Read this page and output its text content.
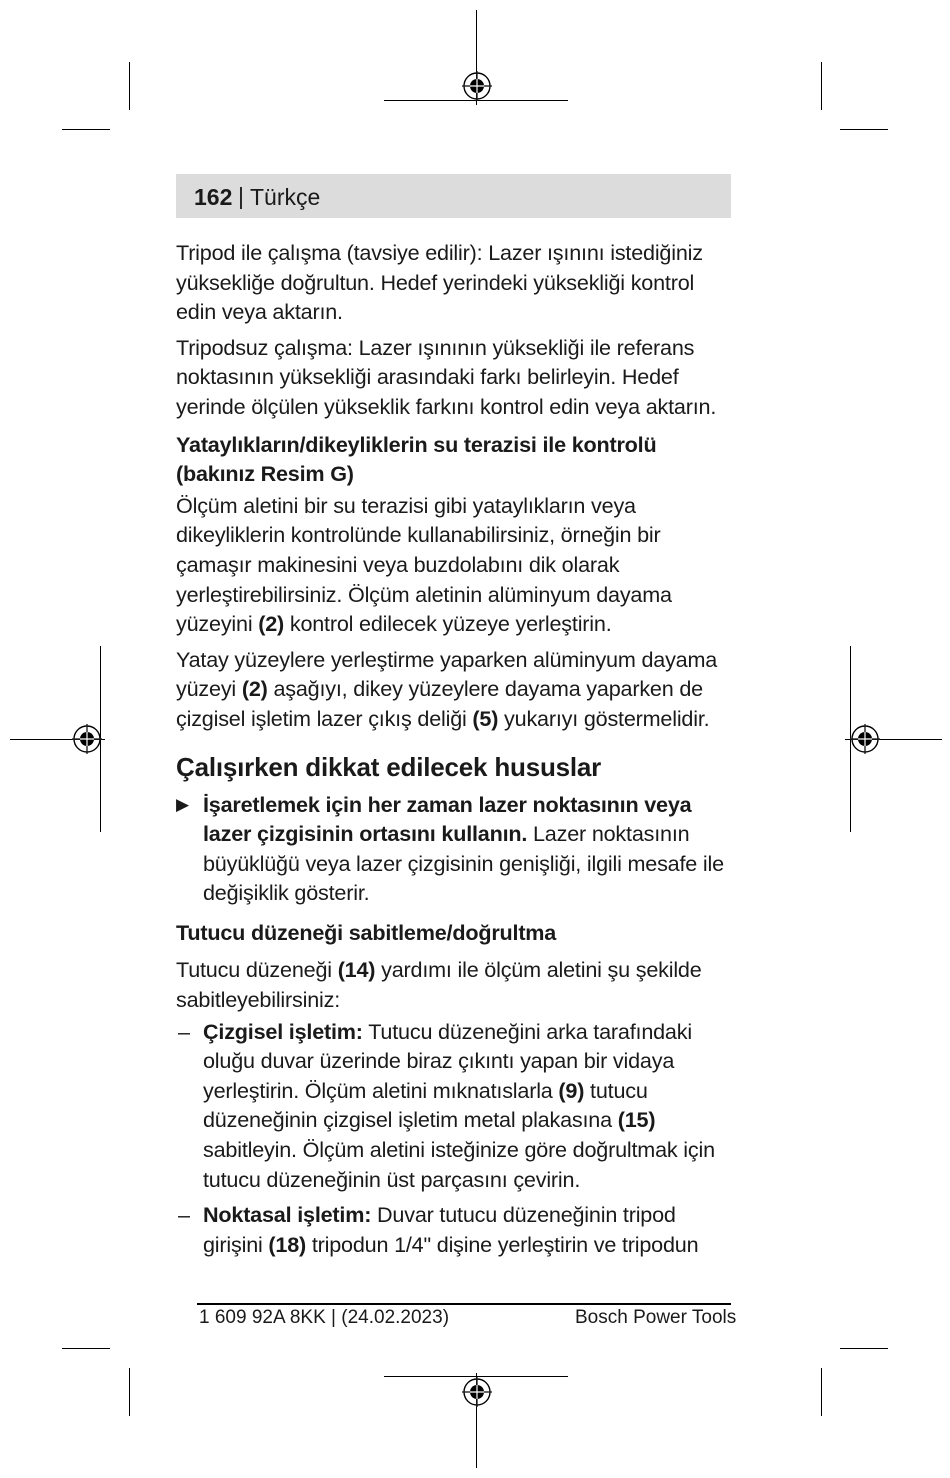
162 | Türkçe

Tripod ile çalışma (tavsiye edilir): Lazer ışınını istediğiniz yüksekliğe doğrultun. Hedef yerindeki yüksekliği kontrol edin veya aktarın.

Tripodsuz çalışma: Lazer ışınının yüksekliği ile referans noktasının yüksekliği arasındaki farkı belirleyin. Hedef yerinde ölçülen yükseklik farkını kontrol edin veya aktarın.

Yataylıkların/dikeyliklerin su terazisi ile kontrolü (bakınız Resim G)

Ölçüm aletini bir su terazisi gibi yataylıkların veya dikeyliklerin kontrolünde kullanabilirsiniz, örneğin bir çamaşır makinesini veya buzdolabını dik olarak yerleştirebilirsiniz. Ölçüm aletinin alüminyum dayama yüzeyini (2) kontrol edilecek yüzeye yerleştirin.

Yatay yüzeylere yerleştirme yaparken alüminyum dayama yüzeyi (2) aşağıyı, dikey yüzeylere dayama yaparken de çizgisel işletim lazer çıkış deliği (5) yukarıyı göstermelidir.

Çalışırken dikkat edilecek hususlar
▶ İşaretlemek için her zaman lazer noktasının veya lazer çizgisinin ortasını kullanın. Lazer noktasının büyüklüğü veya lazer çizgisinin genişliği, ilgili mesafe ile değişiklik gösterir.
Tutucu düzeneği sabitleme/doğrultma

Tutucu düzeneği (14) yardımı ile ölçüm aletini şu şekilde sabitleyebilirsiniz:

– Çizgisel işletim: Tutucu düzeneğini arka tarafındaki oluğu duvar üzerinde biraz çıkıntı yapan bir vidaya yerleştirin. Ölçüm aletini mıknatıslarla (9) tutucu düzeneğinin çizgisel işletim metal plakasına (15) sabitleyin. Ölçüm aletini isteğinize göre doğrultmak için tutucu düzeneğinin üst parçasını çevirin.
– Noktasal işletim: Duvar tutucu düzeneğinin tripod girişini (18) tripodun 1/4" dişine yerleştirin ve tripodun
1 609 92A 8KK | (24.02.2023)	Bosch Power Tools
